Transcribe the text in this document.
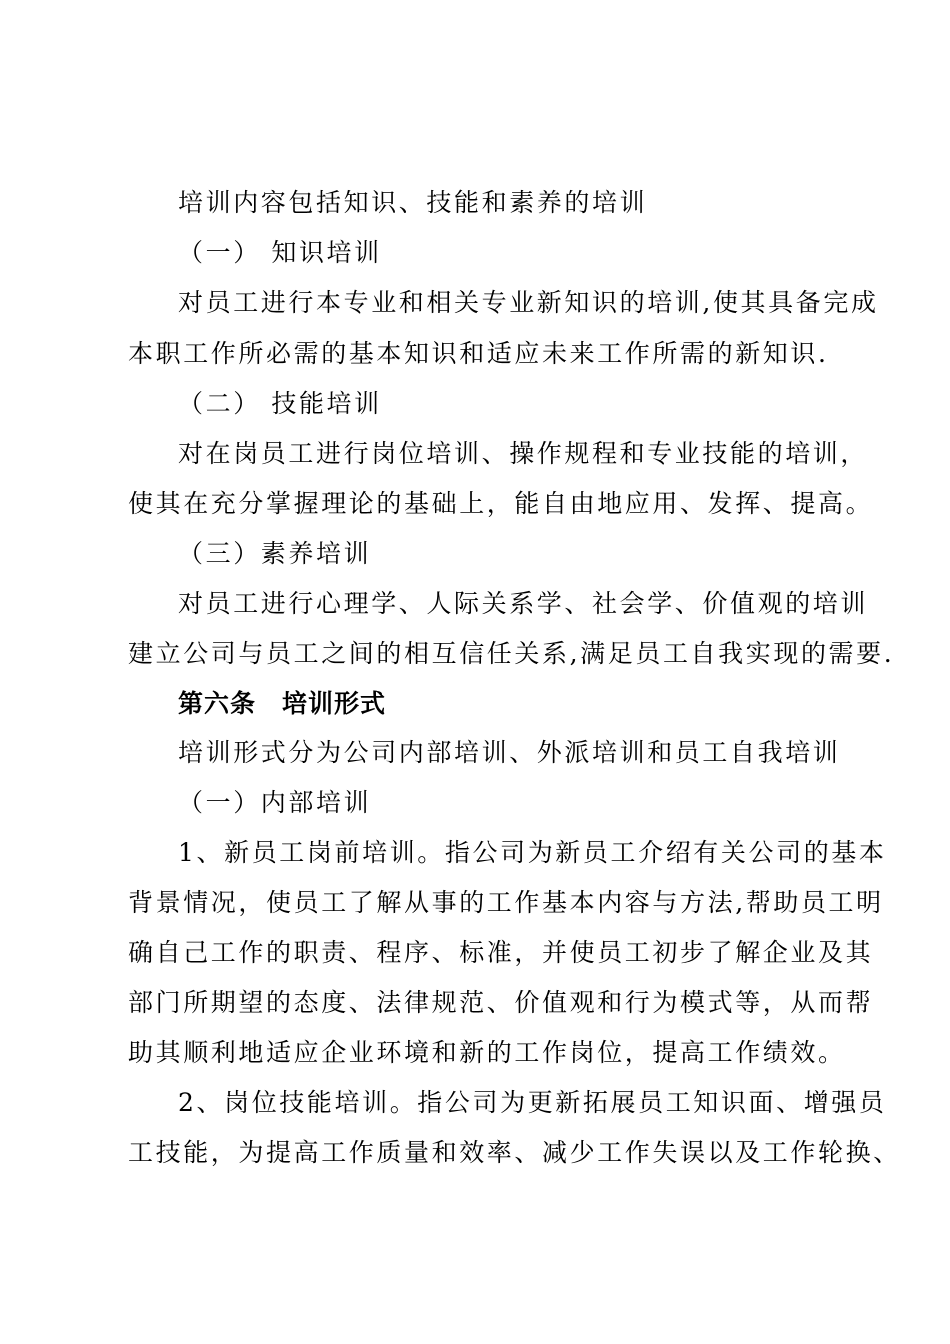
培训内容包括知识、技能和素养的培训
（一） 知识培训
对员工进行本专业和相关专业新知识的培训,使其具备完成
本职工作所必需的基本知识和适应未来工作所需的新知识.
（二） 技能培训
对在岗员工进行岗位培训、操作规程和专业技能的培训，
使其在充分掌握理论的基础上，能自由地应用、发挥、提高。
（三）素养培训
对员工进行心理学、人际关系学、社会学、价值观的培训
建立公司与员工之间的相互信任关系,满足员工自我实现的需要.
第六条　培训形式
培训形式分为公司内部培训、外派培训和员工自我培训
（一）内部培训
1、新员工岗前培训。指公司为新员工介绍有关公司的基本
背景情况，使员工了解从事的工作基本内容与方法,帮助员工明
确自己工作的职责、程序、标准，并使员工初步了解企业及其
部门所期望的态度、法律规范、价值观和行为模式等，从而帮
助其顺利地适应企业环境和新的工作岗位，提高工作绩效。
2、岗位技能培训。指公司为更新拓展员工知识面、增强员
工技能，为提高工作质量和效率、减少工作失误以及工作轮换、
